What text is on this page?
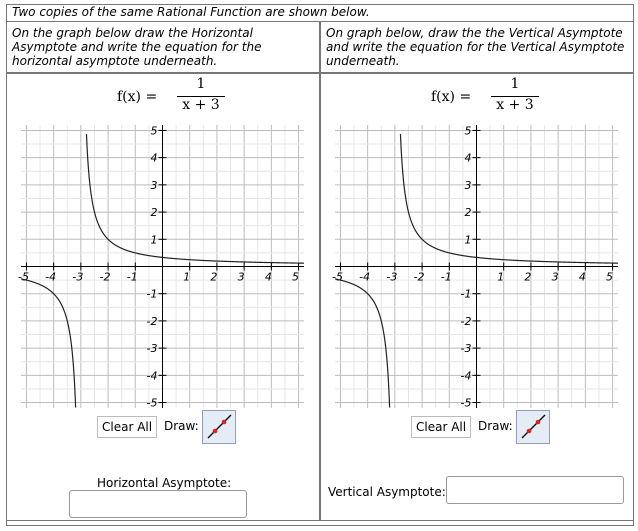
Two copies of the same Rational Function are shown below.
On the graph below draw the Horizontal
Asymptote and write the equation for the
horizontal asymptote underneath.
f(x) =
1
x + 3
-5 -4 -3 -2 -1	1 2 3 4 5
-5
-4
-3
-2
-1
1
2
3
4
5
Clear All Draw:
Horizontal Asymptote:
On graph below, draw the the Vertical Asymptote
and write the equation for the Vertical Asymptote
underneath.
f(x) =
1
x + 3
-5 -4 -3 -2 -1	1 2 3 4 5
-5
-4
-3
-2
-1
1
2
3
4
5
Clear All Draw:
Vertical Asymptote:
